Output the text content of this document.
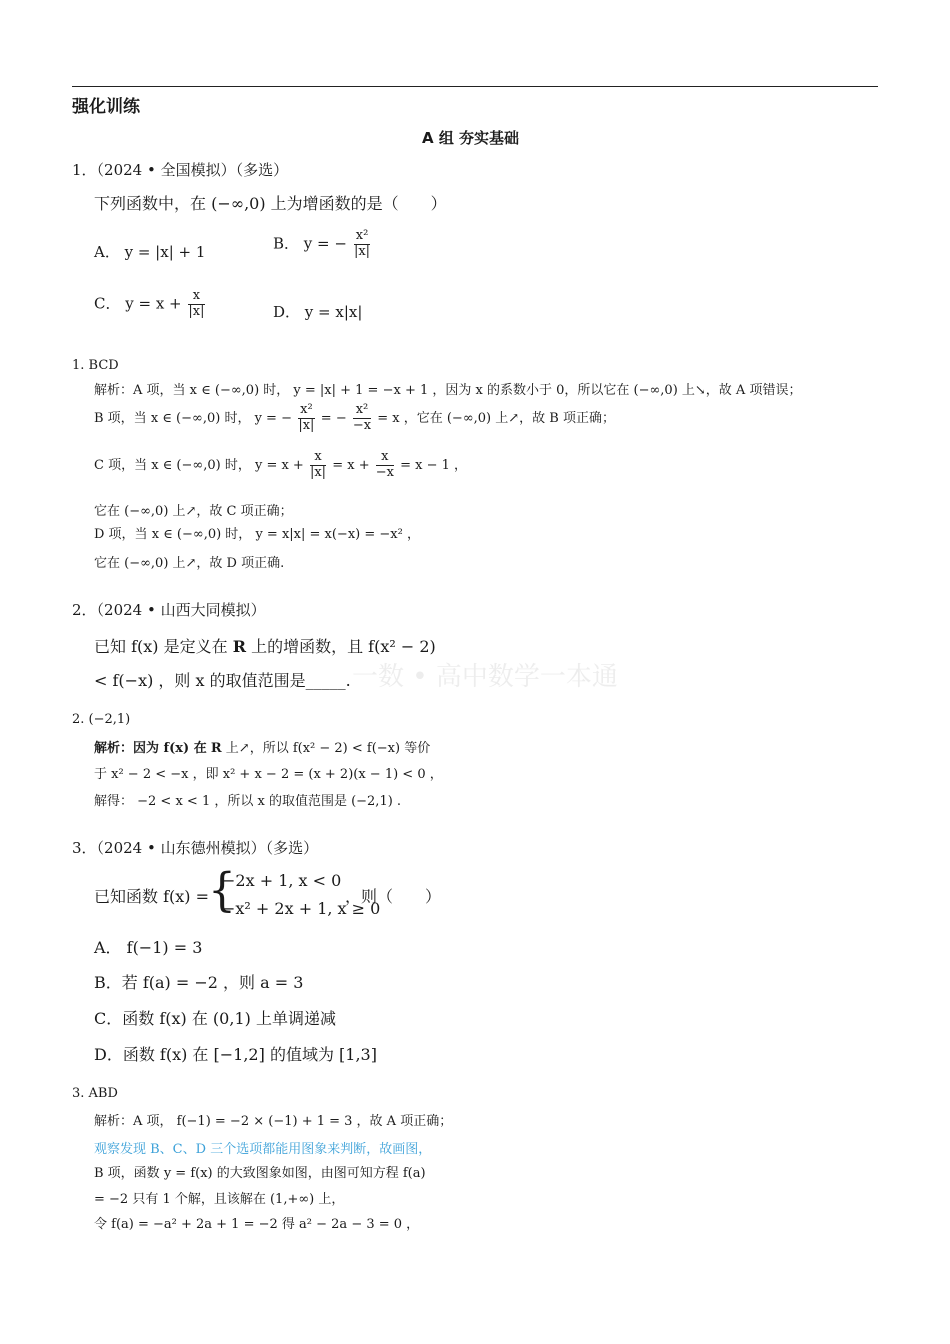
一数 • 高中数学一本通
强化训练
A 组 夯实基础
1．（2024 • 全国模拟）（多选）
下列函数中，在 (−∞,0) 上为增函数的是（　　）
A． y = |x| + 1	B． y = − $\frac{\text{x²}}{|x|}$
C． $y = x + \frac{x}{|x|}$	D． y = x|x|
1. BCD
解析：A 项，当 x ∈ (−∞,0) 时， y = |x| + 1 = −x + 1 ，因为 x 的系数小于 0，所以它在 (−∞,0) 上↘，故 A 项错误；
B 项，当 x ∈ (−∞,0) 时， y = − $\frac{\text{x²}}{|x|}$ = − $\frac{\text{x²}}{-x} = x$ ，它在 (−∞,0) 上↗，故 B 项正确；
C 项，当 x ∈ (−∞,0) 时， $y = x + \frac{x}{|x|} = x + \frac{x}{-x} = x - 1$ ，
它在 (−∞,0) 上↗，故 C 项正确；
D 项，当 x ∈ (−∞,0) 时， y = x|x| = x(−x) = −x² ，
它在 (−∞,0) 上↗，故 D 项正确.
2．（2024 • 山西大同模拟）
已知 f(x) 是定义在 R 上的增函数，且 f(x² − 2)
< f(−x) ，则 x 的取值范围是_____.
2. (−2,1)
解析：因为 f(x) 在 R 上↗，所以 f(x² − 2) < f(−x) 等价
于 x² − 2 < −x ，即 x² + x − 2 = (x + 2)(x − 1) < 0 ，
解得： −2 < x < 1 ，所以 x 的取值范围是 (−2,1) .
3．（2024 • 山东德州模拟）（多选）
已知函数 f(x) =
{
−2x + 1, x < 0
−x² + 2x + 1, x ≥ 0
，则（　　）
A． f(−1) = 3
B．若 f(a) = −2 ，则 a = 3
C．函数 f(x) 在 (0,1) 上单调递减
D．函数 f(x) 在 [−1,2] 的值域为 [1,3]
3. ABD
解析：A 项， f(−1) = −2 × (−1) + 1 = 3 ，故 A 项正确；
观察发现 B、C、D 三个选项都能用图象来判断，故画图，
B 项，函数 y = f(x) 的大致图象如图，由图可知方程 f(a)
= −2 只有 1 个解，且该解在 (1,+∞) 上，
令 f(a) = −a² + 2a + 1 = −2 得 a² − 2a − 3 = 0 ，
